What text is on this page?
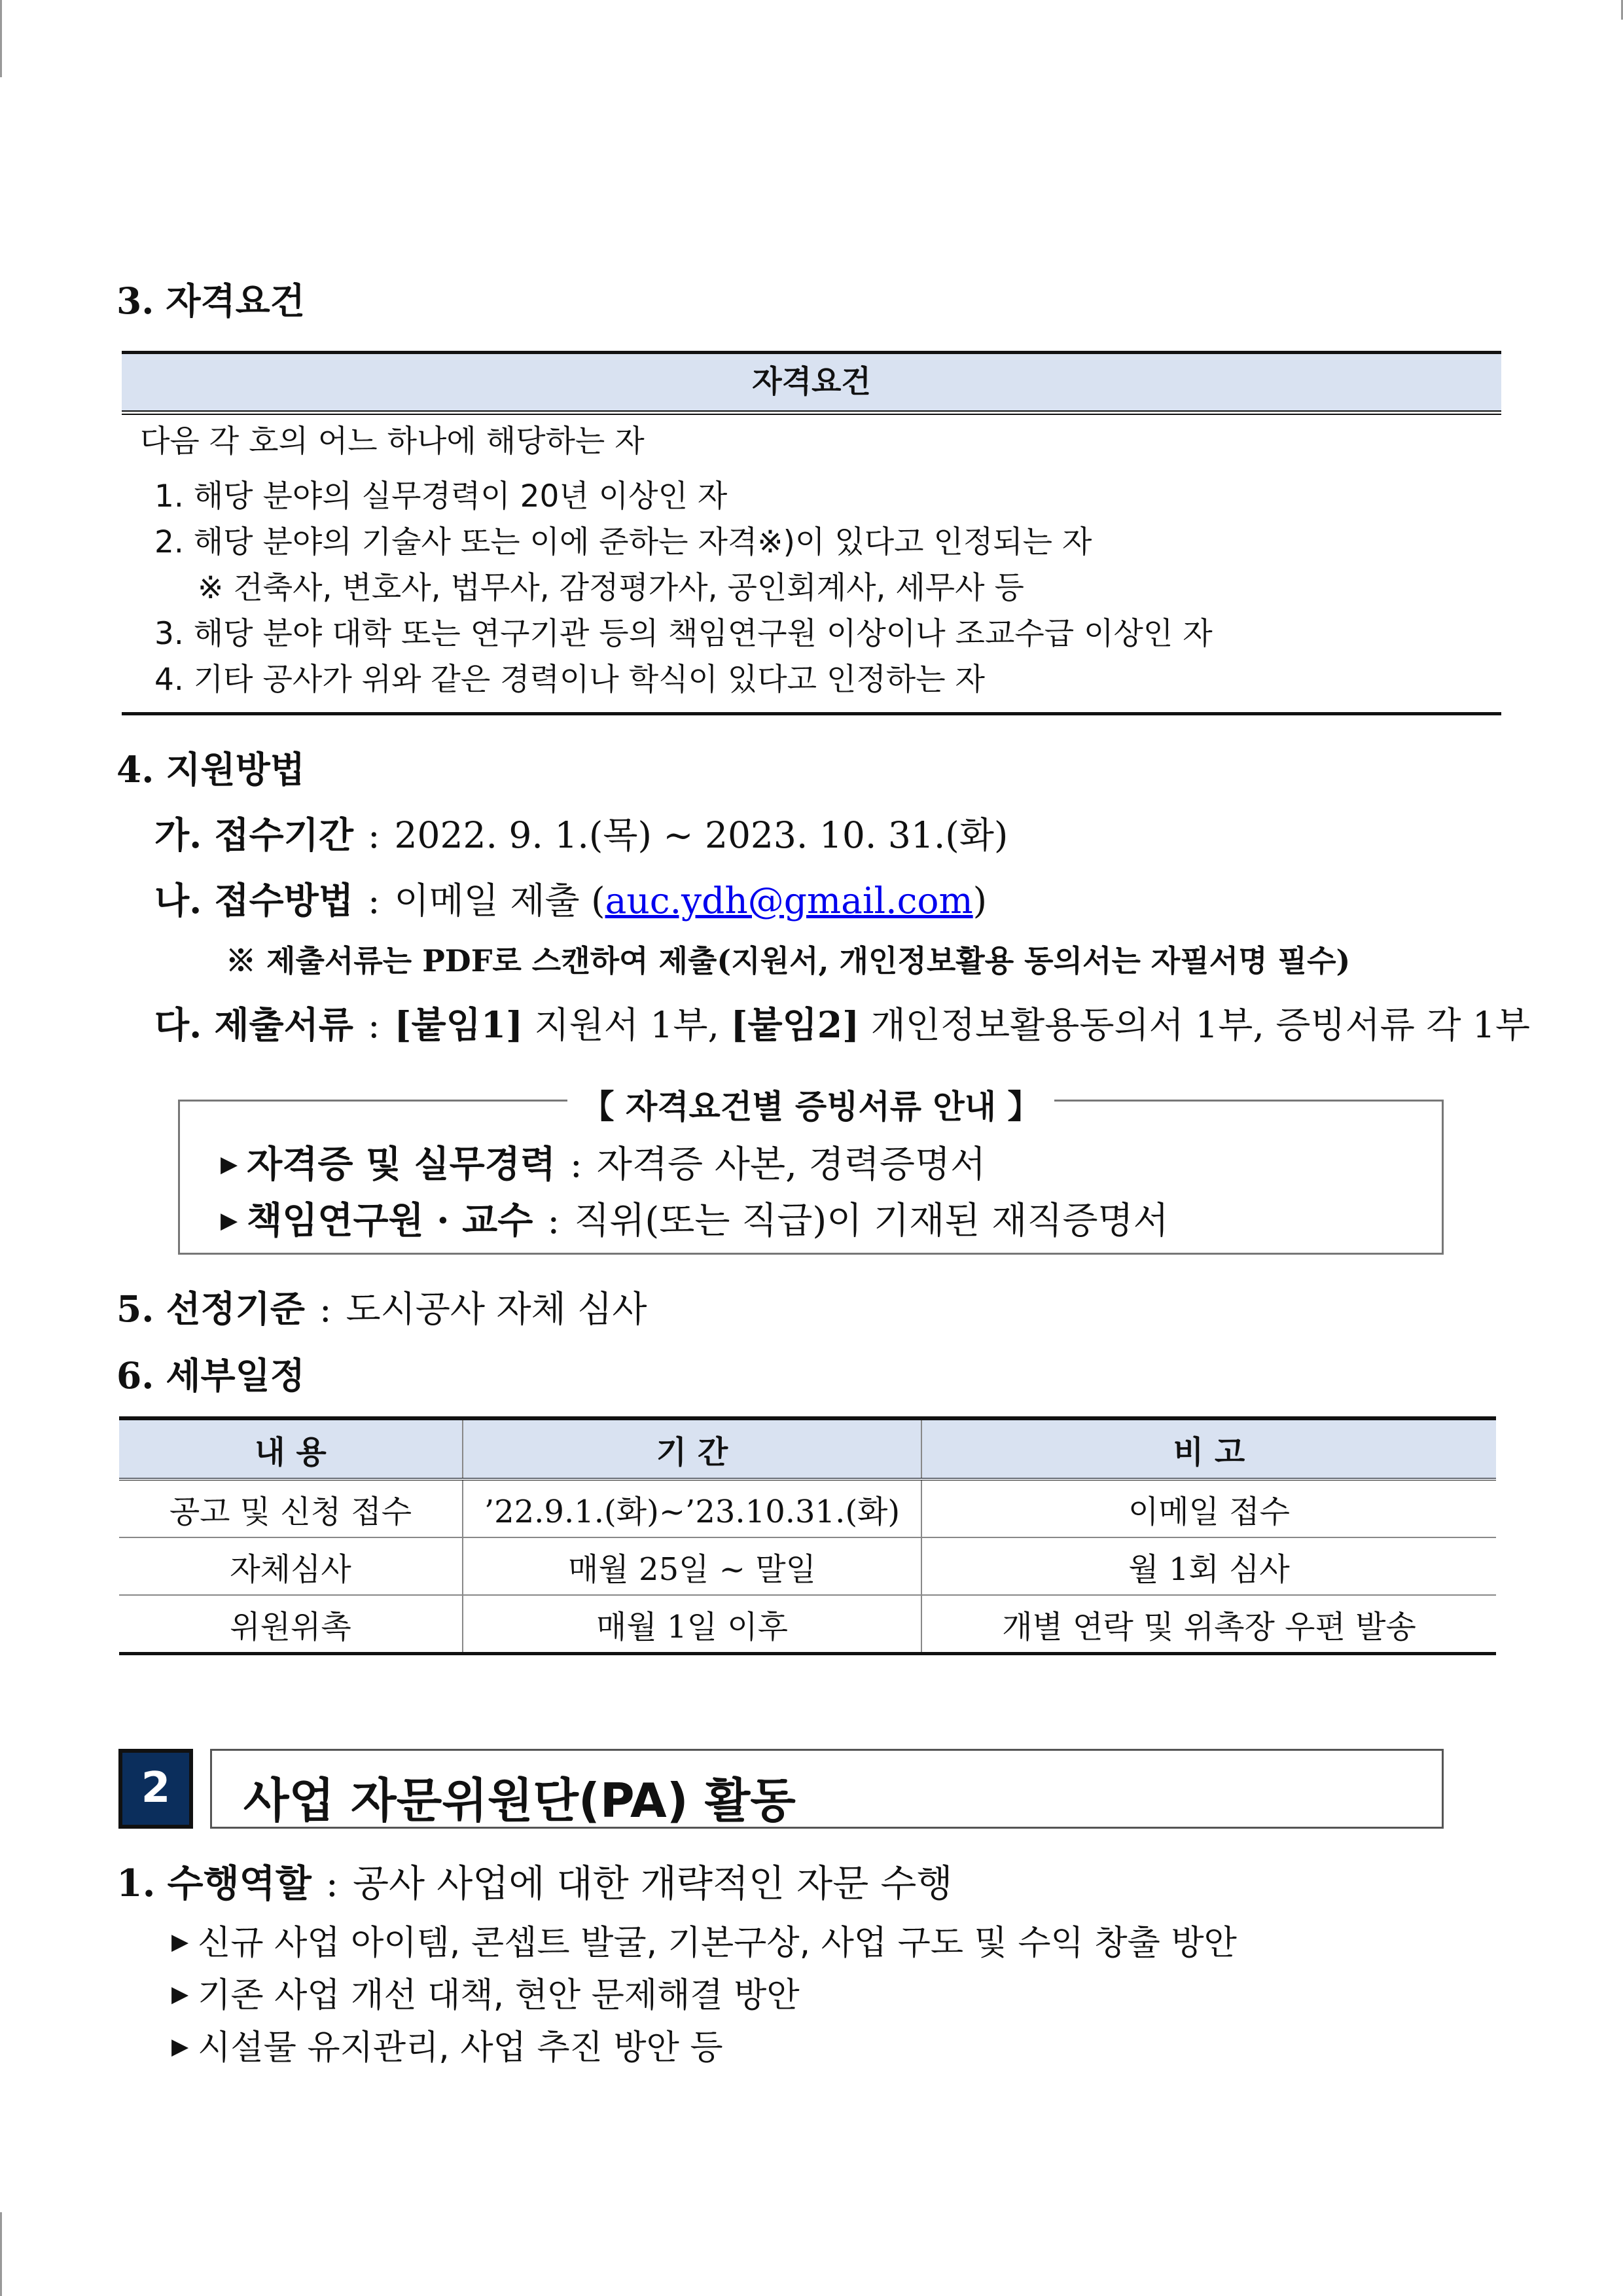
3. 자격요건
자격요건
다음 각 호의 어느 하나에 해당하는 자
1. 해당 분야의 실무경력이 20년 이상인 자
2. 해당 분야의 기술사 또는 이에 준하는 자격※)이 있다고 인정되는 자
※ 건축사, 변호사, 법무사, 감정평가사, 공인회계사, 세무사 등
3. 해당 분야 대학 또는 연구기관 등의 책임연구원 이상이나 조교수급 이상인 자
4. 기타 공사가 위와 같은 경력이나 학식이 있다고 인정하는 자
4. 지원방법
가. 접수기간 : 2022. 9. 1.(목) ~ 2023. 10. 31.(화)
나. 접수방법 : 이메일 제출 (auc.ydh@gmail.com)
※ 제출서류는 PDF로 스캔하여 제출(지원서, 개인정보활용 동의서는 자필서명 필수)
다. 제출서류 : [붙임1] 지원서 1부, [붙임2] 개인정보활용동의서 1부, 증빙서류 각 1부
【 자격요건별 증빙서류 안내 】
▶ 자격증 및 실무경력 : 자격증 사본, 경력증명서
▶ 책임연구원 · 교수 : 직위(또는 직급)이 기재된 재직증명서
5. 선정기준 : 도시공사 자체 심사
6. 세부일정
내 용	기 간	비 고
공고 및 신청 접수	’22.9.1.(화)~’23.10.31.(화)	이메일 접수
자체심사	매월 25일 ~ 말일	월 1회 심사
위원위촉	매월 1일 이후	개별 연락 및 위촉장 우편 발송
2	사업 자문위원단(PA) 활동
1. 수행역할 : 공사 사업에 대한 개략적인 자문 수행
▶ 신규 사업 아이템, 콘셉트 발굴, 기본구상, 사업 구도 및 수익 창출 방안
▶ 기존 사업 개선 대책, 현안 문제해결 방안
▶ 시설물 유지관리, 사업 추진 방안 등
